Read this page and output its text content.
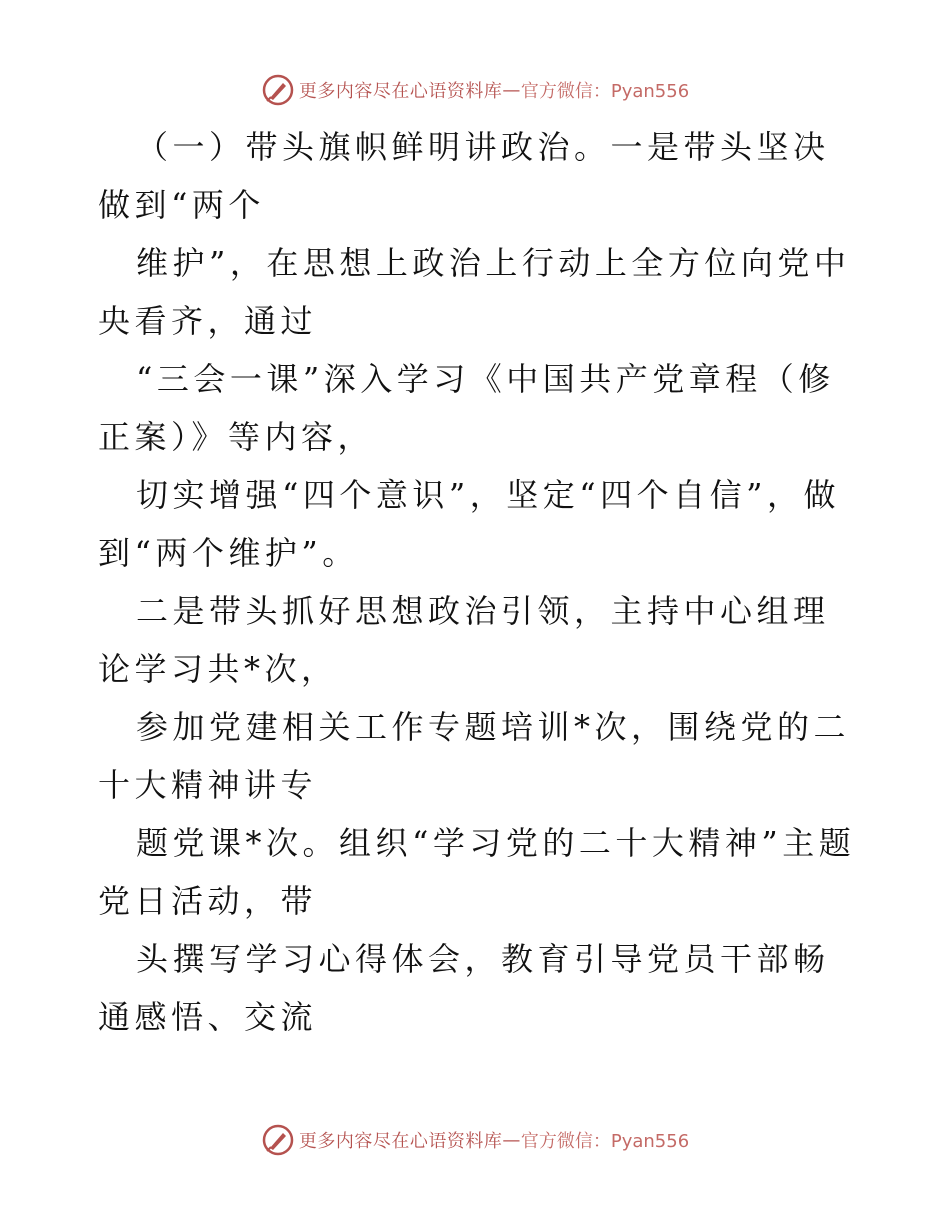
更多内容尽在心语资料库 — 官方微信：Pyan556

（一）带头旗帜鲜明讲政治。一是带头坚决做到“两个

维护”，在思想上政治上行动上全方位向党中央看齐，通过

“三会一课”深入学习《中国共产党章程（修正案）》等内容，

切实增强“四个意识”，坚定“四个自信”，做到“两个维护”。

二是带头抓好思想政治引领，主持中心组理论学习共*次，

参加党建相关工作专题培训*次，围绕党的二十大精神讲专

题党课*次。组织“学习党的二十大精神”主题党日活动，带

头撰写学习心得体会，教育引导党员干部畅通感悟、交流

更多内容尽在心语资料库 — 官方微信：Pyan556
